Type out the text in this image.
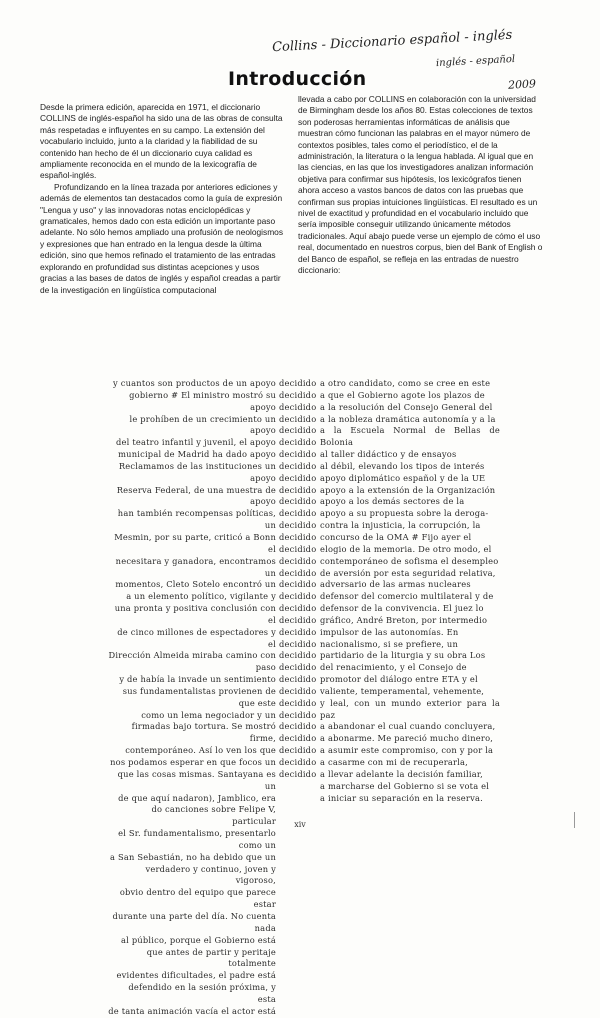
Collins - Diccionario español - inglés
inglés - español
2009
Introducción

Desde la primera edición, aparecida en 1971, el diccionario COLLINS de inglés-español ha sido una de las obras de consulta más respetadas e influyentes en su campo. La extensión del vocabulario incluido, junto a la claridad y la fiabilidad de su contenido han hecho de él un diccionario cuya calidad es ampliamente reconocida en el mundo de la lexicografía de español-inglés.

Profundizando en la línea trazada por anteriores ediciones y además de elementos tan destacados como la guía de expresión "Lengua y uso" y las innovadoras notas enciclopédicas y gramaticales, hemos dado con esta edición un importante paso adelante. No sólo hemos ampliado una profusión de neologismos y expresiones que han entrado en la lengua desde la última edición, sino que hemos refinado el tratamiento de las entradas explorando en profundidad sus distintas acepciones y usos gracias a las bases de datos de inglés y español creadas a partir de la investigación en lingüística computacional

llevada a cabo por COLLINS en colaboración con la universidad de Birmingham desde los años 80. Estas colecciones de textos son poderosas herramientas informáticas de análisis que muestran cómo funcionan las palabras en el mayor número de contextos posibles, tales como el periodístico, el de la administración, la literatura o la lengua hablada. Al igual que en las ciencias, en las que los investigadores analizan información objetiva para confirmar sus hipótesis, los lexicógrafos tienen ahora acceso a vastos bancos de datos con las pruebas que confirman sus propias intuiciones lingüísticas. El resultado es un nivel de exactitud y profundidad en el vocabulario incluido que sería imposible conseguir utilizando únicamente métodos tradicionales. Aquí abajo puede verse un ejemplo de cómo el uso real, documentado en nuestros corpus, bien del Bank of English o del Banco de español, se refleja en las entradas de nuestro diccionario:

y cuantos son productos de un apoyo
gobierno # El ministro mostró su apoyo
le prohíben de un crecimiento un apoyo
del teatro infantil y juvenil, el apoyo
municipal de Madrid ha dado apoyo
Reclamamos de las instituciones un apoyo
Reserva Federal, de una muestra de apoyo
han también recompensas políticas, un
Mesmin, por su parte, criticó a Bonn el
necesitara y ganadora, encontramos un
momentos, Cleto Sotelo encontró un
a un elemento político, vigilante y
una pronta y positiva conclusión con el
de cinco millones de espectadores y el
Dirección Almeida miraba camino con paso
y de había la invade un sentimiento
sus fundamentalistas provienen de que este
como un lema negociador y un
firmadas bajo tortura. Se mostró firme,
contemporáneo. Así lo ven los que
nos podamos esperar en que focos un
que las cosas mismas. Santayana es un
de que aquí nadaron), Jamblico, era
do canciones sobre Felipe V, particular
el Sr. fundamentalismo, presentarlo como un
a San Sebastián, no ha debido que un
verdadero y continuo, joven y vigoroso,
obvio dentro del equipo que parece estar
durante una parte del día. No cuenta nada
al público, porque el Gobierno está
que antes de partir y peritaje totalmente
evidentes dificultades, el padre está
defendido en la sesión próxima, y esta
de tanta animación vacía el actor está
decidido
decidido
decidido
decidido
decidido
decidido
decidido
decidido
decidido
decidido
decidido
decidido
decidido
decidido
decidido
decidido
decidido
decidido
decidido
decidido
decidido
decidido
decidido
decidido
decidido
decidido
decidido
decidido
decidido
decidido
decidido
decidido
decidido
decidido
a otro candidato, como se cree en este
a que el Gobierno agote los plazos de
a la resolución del Consejo General del
a la nobleza dramática autonomía y a la
a la Escuela Normal de Bellas de Bolonia
al taller didáctico y de ensayos
al débil, elevando los tipos de interés
apoyo diplomático español y de la UE
apoyo a la extensión de la Organización
apoyo a los demás sectores de la
apoyo a su propuesta sobre la deroga-
contra la injusticia, la corrupción, la
concurso de la OMA # Fijo ayer el
elogio de la memoria. De otro modo, el
contemporáneo de sofisma el desempleo
de aversión por esta seguridad relativa,
adversario de las armas nucleares
defensor del comercio multilateral y de
defensor de la convivencia. El juez lo
gráfico, André Breton, por intermedio
impulsor de las autonomías. En
nacionalismo, si se prefiere, un
partidario de la liturgia y su obra Los
del renacimiento, y el Consejo de
promotor del diálogo entre ETA y el
valiente, temperamental, vehemente,
y leal, con un mundo exterior para la paz
a abandonar el cual cuando concluyera,
a abonarme. Me pareció mucho dinero,
a asumir este compromiso, con y por la
a casarme con mi de recuperarla,
a llevar adelante la decisión familiar,
a marcharse del Gobierno si se vota el
a iniciar su separación en la reserva.
xiv
